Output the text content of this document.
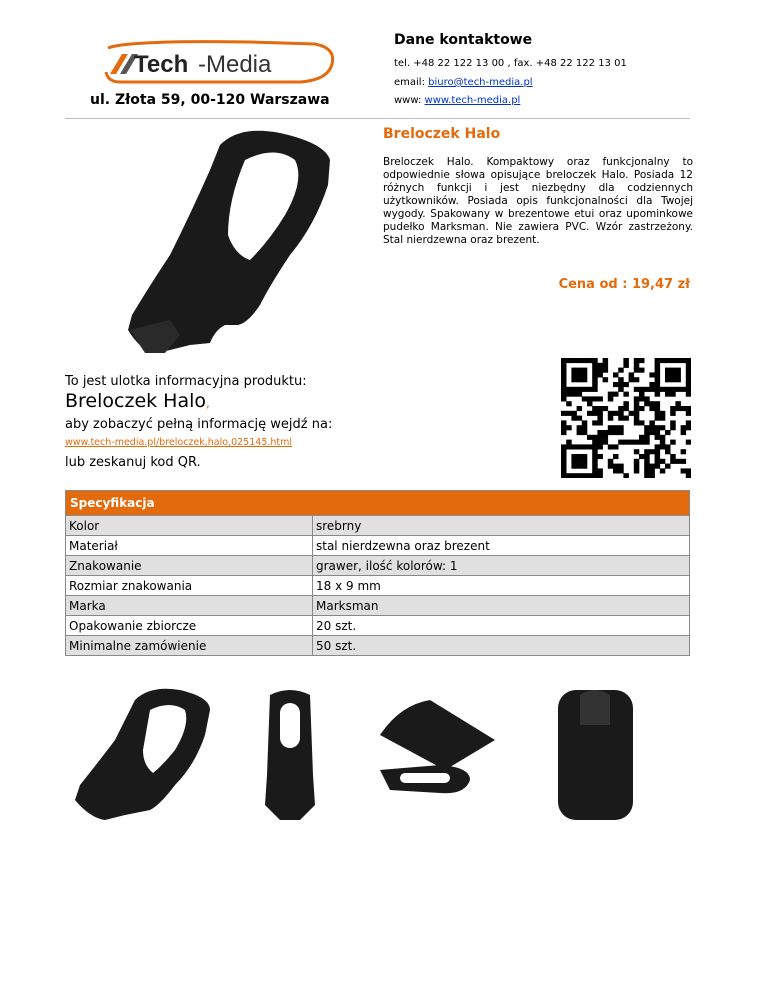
Tech -Media
ul. Złota 59, 00-120 Warszawa
Dane kontaktowe
tel. +48 22 122 13 00 , fax. +48 22 122 13 01
email: biuro@tech-media.pl
www: www.tech-media.pl
Breloczek Halo
Breloczek Halo. Kompaktowy oraz funkcjonalny to odpowiednie słowa opisujące breloczek Halo. Posiada 12 różnych funkcji i jest niezbędny dla codziennych użytkowników. Posiada opis funkcjonalności dla Twojej wygody. Spakowany w brezentowe etui oraz upominkowe pudełko Marksman. Nie zawiera PVC. Wzór zastrzeżony. Stal nierdzewna oraz brezent.
Cena od : 19,47 zł
To jest ulotka informacyjna produktu:
Breloczek Halo,
aby zobaczyć pełną informację wejdź na:
www.tech-media.pl/breloczek,halo,025145.html
lub zeskanuj kod QR.
Specyfikacja	
Kolor	srebrny
Materiał	stal nierdzewna oraz brezent
Znakowanie	grawer, ilość kolorów: 1
Rozmiar znakowania	18 x 9 mm
Marka	Marksman
Opakowanie zbiorcze	20 szt.
Minimalne zamówienie	50 szt.
